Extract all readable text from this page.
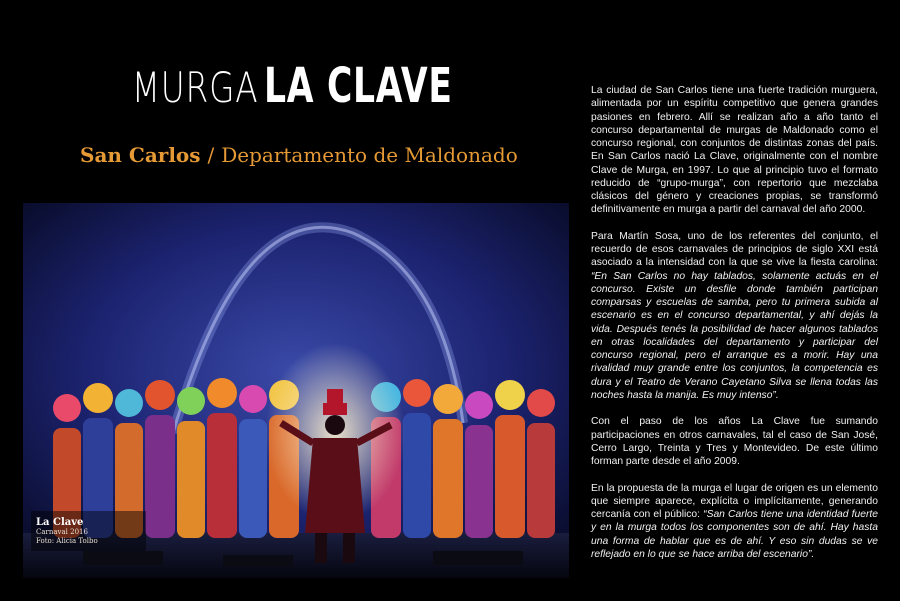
MURGA LA CLAVE
San Carlos / Departamento de Maldonado
La Clave
Carnaval 2016
Foto: Alicia Tolbo

La ciudad de San Carlos tiene una fuerte tradición murguera, alimentada por un espíritu competitivo que genera grandes pasiones en febrero. Allí se realizan año a año tanto el concurso departamental de murgas de Maldonado como el concurso regional, con conjuntos de distintas zonas del país. En San Carlos nació La Clave, originalmente con el nombre Clave de Murga, en 1997. Lo que al principio tuvo el formato reducido de “grupo-murga”, con repertorio que mezclaba clásicos del género y creaciones propias, se transformó definitivamente en murga a partir del carnaval del año 2000.

Para Martín Sosa, uno de los referentes del conjunto, el recuerdo de esos carnavales de principios de siglo XXI está asociado a la intensidad con la que se vive la fiesta carolina: “En San Carlos no hay tablados, solamente actuás en el concurso. Existe un desfile donde también participan comparsas y escuelas de samba, pero tu primera subida al escenario es en el concurso departamental, y ahí dejás la vida. Después tenés la posibilidad de hacer algunos tablados en otras localidades del departamento y participar del concurso regional, pero el arranque es a morir. Hay una rivalidad muy grande entre los conjuntos, la competencia es dura y el Teatro de Verano Cayetano Silva se llena todas las noches hasta la manija. Es muy intenso”.

Con el paso de los años La Clave fue sumando participaciones en otros carnavales, tal el caso de San José, Cerro Largo, Treinta y Tres y Montevideo. De este último forman parte desde el año 2009.

En la propuesta de la murga el lugar de origen es un elemento que siempre aparece, explícita o implícitamente, generando cercanía con el público: “San Carlos tiene una identidad fuerte y en la murga todos los componentes son de ahí. Hay hasta una forma de hablar que es de ahí. Y eso sin dudas se ve reflejado en lo que se hace arriba del escenario”.
